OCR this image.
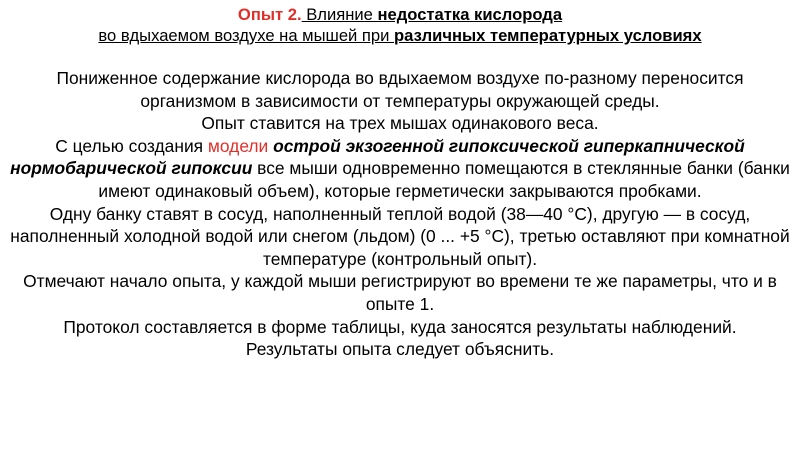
Опыт 2. Влияние недостатка кислорода
во вдыхаемом воздухе на мышей при различных температурных условиях

Пониженное содержание кислорода во вдыхаемом воздухе по-разному переносится организмом в зависимости от температуры окружающей среды.

Опыт ставится на трех мышах одинакового веса.

С целью создания модели острой экзогенной гипоксической гиперкапнической нормобарической гипоксии все мыши одновременно помещаются в стеклянные банки (банки имеют одинаковый объем), которые герметически закрываются пробками.

Одну банку ставят в сосуд, наполненный теплой водой (38—40 °С), другую — в сосуд, наполненный холодной водой или снегом (льдом) (0 ... +5 °С), третью оставляют при комнатной температуре (контрольный опыт).

Отмечают начало опыта, у каждой мыши регистрируют во времени те же параметры, что и в опыте 1.

Протокол составляется в форме таблицы, куда заносятся результаты наблюдений.

Результаты опыта следует объяснить.
